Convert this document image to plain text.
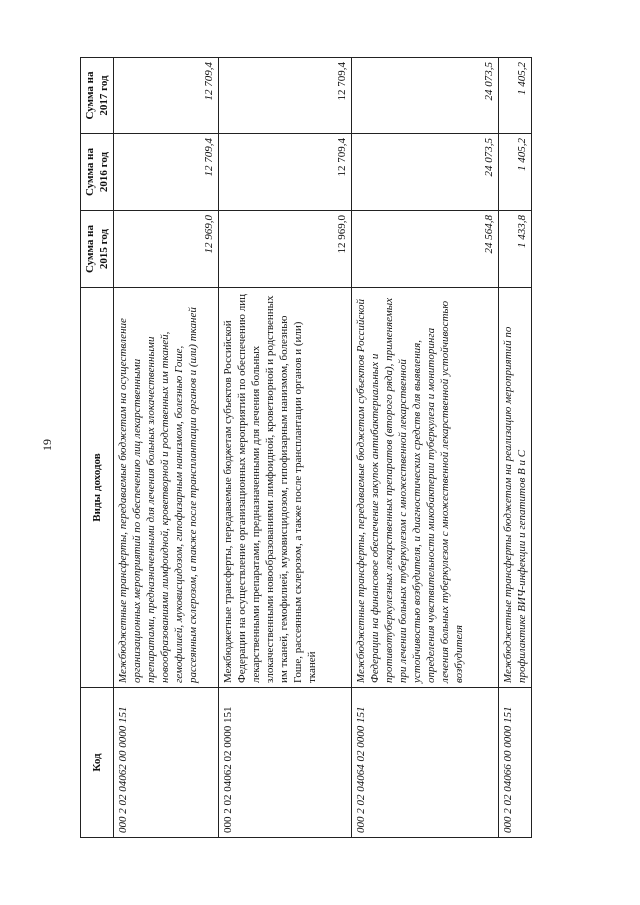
19
Код	Виды доходов	Сумма на 2015 год	Сумма на 2016 год	Сумма на 2017 год
000 2 02 04062 00 0000 151	Межбюджетные трансферты, передаваемые бюджетам на осуществление организационных мероприятий по обеспечению лиц лекарственными препаратами, предназначенными для лечения больных злокачественными новообразованиями лимфоидной, кроветворной и родственных им тканей, гемофилией, муковисцидозом, гипофизарным нанизмом, болезнью Гоше, рассеянным склерозом, а также после трансплантации органов и (или) тканей	12 969,0	12 709,4	12 709,4
000 2 02 04062 02 0000 151	Межбюджетные трансферты, передаваемые бюджетам субъектов Российской Федерации на осуществление организационных мероприятий по обеспечению лиц лекарственными препаратами, предназначенными для лечения больных злокачественными новообразованиями лимфоидной, кроветворной и родственных им тканей, гемофилией, муковисцидозом, гипофизарным нанизмом, болезнью Гоше, рассеянным склерозом, а также после трансплантации органов и (или) тканей	12 969,0	12 709,4	12 709,4
000 2 02 04064 02 0000 151	Межбюджетные трансферты, передаваемые бюджетам субъектов Российской Федерации на финансовое обеспечение закупок антибактериальных и противотуберкулезных лекарственных препаратов (второго ряда), применяемых при лечении больных туберкулезом с множественной лекарственной устойчивостью возбудителя, и диагностических средств для выявления, определения чувствительности микобактерии туберкулеза и мониторинга лечения больных туберкулезом с множественной лекарственной устойчивостью возбудителя	24 564,8	24 073,5	24 073,5
000 2 02 04066 00 0000 151	Межбюджетные трансферты бюджетам на реализацию мероприятий по профилактике ВИЧ-инфекции и гепатитов B и C	1 433,8	1 405,2	1 405,2
